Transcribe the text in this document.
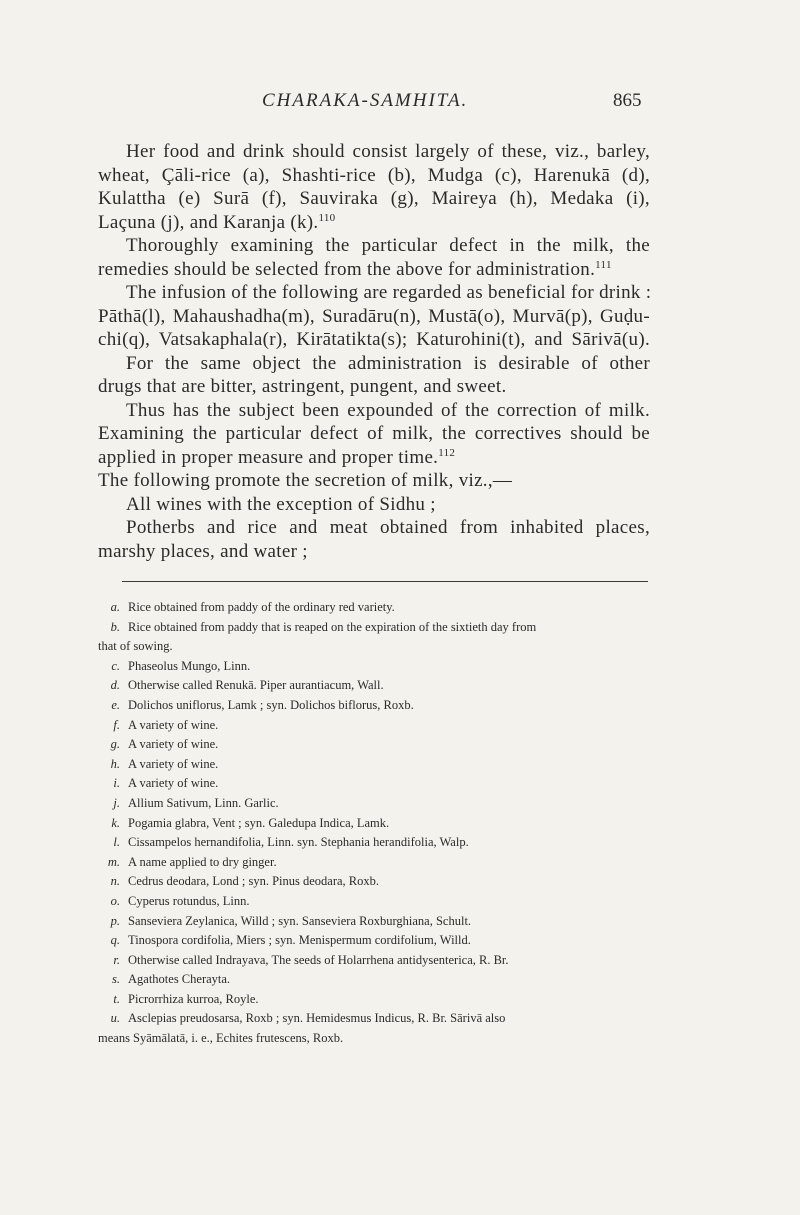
CHARAKA-SAMHITA.	865
Her food and drink should consist largely of these, viz., barley,
wheat, Çāli-rice (a), Shashti-rice (b), Mudga (c), Harenukā (d),
Kulattha (e) Surā (f), Sauviraka (g), Maireya (h), Medaka (i),
Laçuna (j), and Karanja (k).$^{110}$
Thoroughly examining the particular defect in the milk, the
remedies should be selected from the above for administration.$^{111}$
The infusion of the following are regarded as beneficial for drink :
Pāthā(l), Mahaushadha(m), Suradāru(n), Mustā(o), Murvā(p), Guḍu-
chi(q), Vatsakaphala(r), Kirātatikta(s); Katurohini(t), and Sārivā(u).
For the same object the administration is desirable of other
drugs that are bitter, astringent, pungent, and sweet.
Thus has the subject been expounded of the correction of milk.
Examining the particular defect of milk, the correctives should be
applied in proper measure and proper time.$^{112}$
The following promote the secretion of milk, viz.,—
All wines with the exception of Sidhu ;
Potherbs and rice and meat obtained from inhabited places,
marshy places, and water ;
a. Rice obtained from paddy of the ordinary red variety.
b. Rice obtained from paddy that is reaped on the expiration of the sixtieth day from
that of sowing.
c. Phaseolus Mungo, Linn.
d. Otherwise called Renukā. Piper aurantiacum, Wall.
e. Dolichos uniflorus, Lamk ; syn. Dolichos biflorus, Roxb.
f. A variety of wine.
g. A variety of wine.
h. A variety of wine.
i. A variety of wine.
j. Allium Sativum, Linn. Garlic.
k. Pogamia glabra, Vent ; syn. Galedupa Indica, Lamk.
l. Cissampelos hernandifolia, Linn. syn. Stephania herandifolia, Walp.
m. A name applied to dry ginger.
n. Cedrus deodara, Lond ; syn. Pinus deodara, Roxb.
o. Cyperus rotundus, Linn.
p. Sanseviera Zeylanica, Willd ; syn. Sanseviera Roxburghiana, Schult.
q. Tinospora cordifolia, Miers ; syn. Menispermum cordifolium, Willd.
r. Otherwise called Indrayava, The seeds of Holarrhena antidysenterica, R. Br.
s. Agathotes Cherayta.
t. Picrorrhiza kurroa, Royle.
u. Asclepias preudosarsa, Roxb ; syn. Hemidesmus Indicus, R. Br. Sārivā also
means Syāmālatā, i. e., Echites frutescens, Roxb.
